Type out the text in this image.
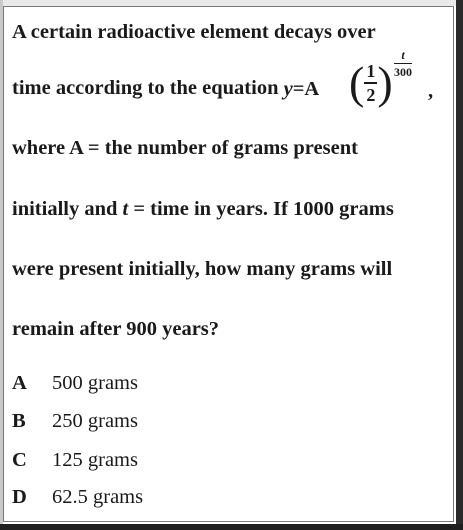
A certain radioactive element decays over
time according to the equation y=A ( $\frac{1}{2}$ )
t
300
,
where A = the number of grams present
initially and t = time in years. If 1000 grams
were present initially, how many grams will
remain after 900 years?
A 500 grams
B 250 grams
C 125 grams
D 62.5 grams
